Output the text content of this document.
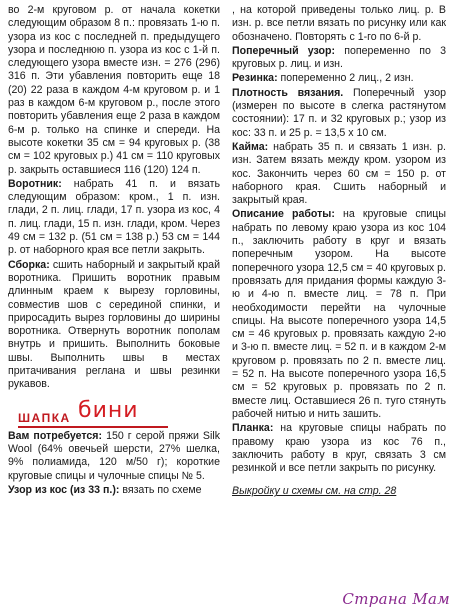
во 2-м круговом р. от начала кокетки следующим образом 8 п.: провязать 1-ю п. узора из кос с последней п. предыдущего узора и последнюю п. узора из кос с 1-й п. следующего узора вместе изн. = 276 (296) 316 п. Эти убавления повторить еще 18 (20) 22 раза в каждом 4-м круговом р. и 1 раз в каждом 6-м круговом р., после этого повторить убавления еще 2 раза в каждом 6-м р. только на спинке и спереди. На высоте кокетки 35 см = 94 круговых р. (38 см = 102 круговых р.) 41 см = 110 круговых р. закрыть оставшиеся 116 (120) 124 п.

Воротник: набрать 41 п. и вязать следующим образом: кром., 1 п. изн. глади, 2 п. лиц. глади, 17 п. узора из кос, 4 п. лиц. глади, 15 п. изн. глади, кром. Через 49 см = 132 р. (51 см = 138 р.) 53 см = 144 р. от наборного края все петли закрыть.

Сборка: сшить наборный и закрытый край воротника. Пришить воротник правым длинным краем к вырезу горловины, совместив шов с серединой спинки, и приросадить вырез горловины до ширины воротника. Отвернуть воротник пополам внутрь и пришить. Выполнить боковые швы. Выполнить швы в местах притачивания реглана и швы резинки рукавов.

ШАПКА бини

Вам потребуется: 150 г серой пряжи Silk Wool (64% овечьей шерсти, 27% шелка, 9% полиамида, 120 м/50 г); короткие круговые спицы и чулочные спицы № 5.

Узор из кос (из 33 п.): вязать по схеме

, на которой приведены только лиц. р. В изн. р. все петли вязать по рисунку или как обозначено. Повторять с 1-го по 6-й р.

Поперечный узор: попеременно по 3 круговых р. лиц. и изн.

Резинка: попеременно 2 лиц., 2 изн.

Плотность вязания. Поперечный узор (измерен по высоте в слегка растянутом состоянии): 17 п. и 32 круговых р.; узор из кос: 33 п. и 25 р. = 13,5 х 10 см.

Кайма: набрать 35 п. и связать 1 изн. р. изн. Затем вязать между кром. узором из кос. Закончить через 60 см = 150 р. от наборного края. Сшить наборный и закрытый края.

Описание работы: на круговые спицы набрать по левому краю узора из кос 104 п., заключить работу в круг и вязать поперечным узором. На высоте поперечного узора 12,5 см = 40 круговых р. провязать для придания формы каждую 3-ю и 4-ю п. вместе лиц. = 78 п. При необходимости перейти на чулочные спицы. На высоте поперечного узора 14,5 см = 46 круговых р. провязать каждую 2-ю и 3-ю п. вместе лиц. = 52 п. и в каждом 2-м круговом р. провязать по 2 п. вместе лиц. = 52 п. На высоте поперечного узора 16,5 см = 52 круговых р. провязать по 2 п. вместе лиц. Оставшиеся 26 п. туго стянуть рабочей нитью и нить зашить.

Планка: на круговые спицы набрать по правому краю узора из кос 76 п., заключить работу в круг, связать 3 см резинкой и все петли закрыть по рисунку.

Выкройку и схемы см. на стр. 28

Страна Мам
